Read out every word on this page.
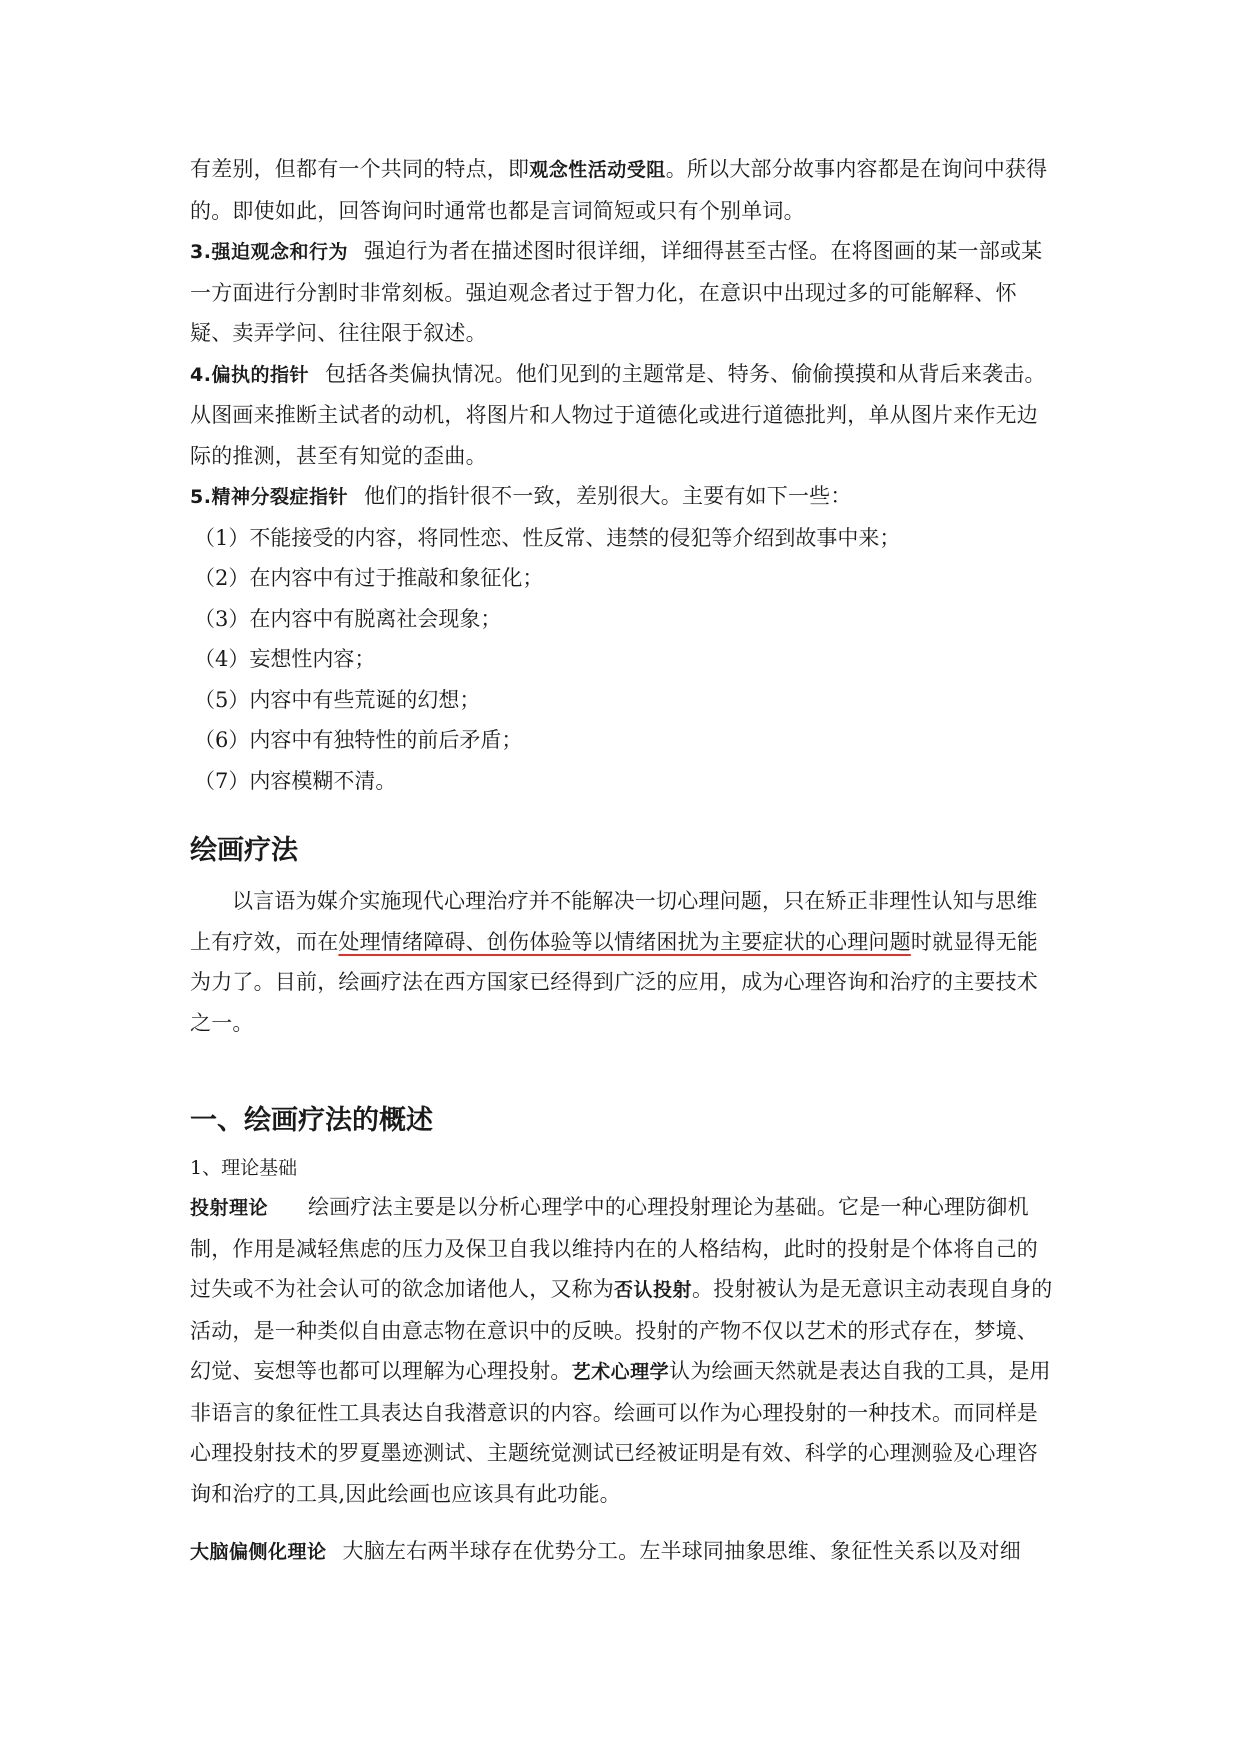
有差别，但都有一个共同的特点，即观念性活动受阻。所以大部分故事内容都是在询问中获得的。即使如此，回答询问时通常也都是言词简短或只有个别单词。

3.强迫观念和行为 强迫行为者在描述图时很详细，详细得甚至古怪。在将图画的某一部或某一方面进行分割时非常刻板。强迫观念者过于智力化，在意识中出现过多的可能解释、怀疑、卖弄学问、往往限于叙述。

4.偏执的指针 包括各类偏执情况。他们见到的主题常是、特务、偷偷摸摸和从背后来袭击。从图画来推断主试者的动机，将图片和人物过于道德化或进行道德批判，单从图片来作无边际的推测，甚至有知觉的歪曲。

5.精神分裂症指针 他们的指针很不一致，差别很大。主要有如下一些：

（1）不能接受的内容，将同性恋、性反常、违禁的侵犯等介绍到故事中来；

（2）在内容中有过于推敲和象征化；

（3）在内容中有脱离社会现象；

（4）妄想性内容；

（5）内容中有些荒诞的幻想；

（6）内容中有独特性的前后矛盾；

（7）内容模糊不清。

绘画疗法

以言语为媒介实施现代心理治疗并不能解决一切心理问题，只在矫正非理性认知与思维上有疗效，而在处理情绪障碍、创伤体验等以情绪困扰为主要症状的心理问题时就显得无能为力了。目前，绘画疗法在西方国家已经得到广泛的应用，成为心理咨询和治疗的主要技术之一。

一、绘画疗法的概述

1、理论基础

投射理论 绘画疗法主要是以分析心理学中的心理投射理论为基础。它是一种心理防御机制，作用是减轻焦虑的压力及保卫自我以维持内在的人格结构，此时的投射是个体将自己的过失或不为社会认可的欲念加诸他人，又称为否认投射。投射被认为是无意识主动表现自身的活动，是一种类似自由意志物在意识中的反映。投射的产物不仅以艺术的形式存在，梦境、幻觉、妄想等也都可以理解为心理投射。艺术心理学认为绘画天然就是表达自我的工具，是用非语言的象征性工具表达自我潜意识的内容。绘画可以作为心理投射的一种技术。而同样是心理投射技术的罗夏墨迹测试、主题统觉测试已经被证明是有效、科学的心理测验及心理咨询和治疗的工具,因此绘画也应该具有此功能。

大脑偏侧化理论 大脑左右两半球存在优势分工。左半球同抽象思维、象征性关系以及对细
